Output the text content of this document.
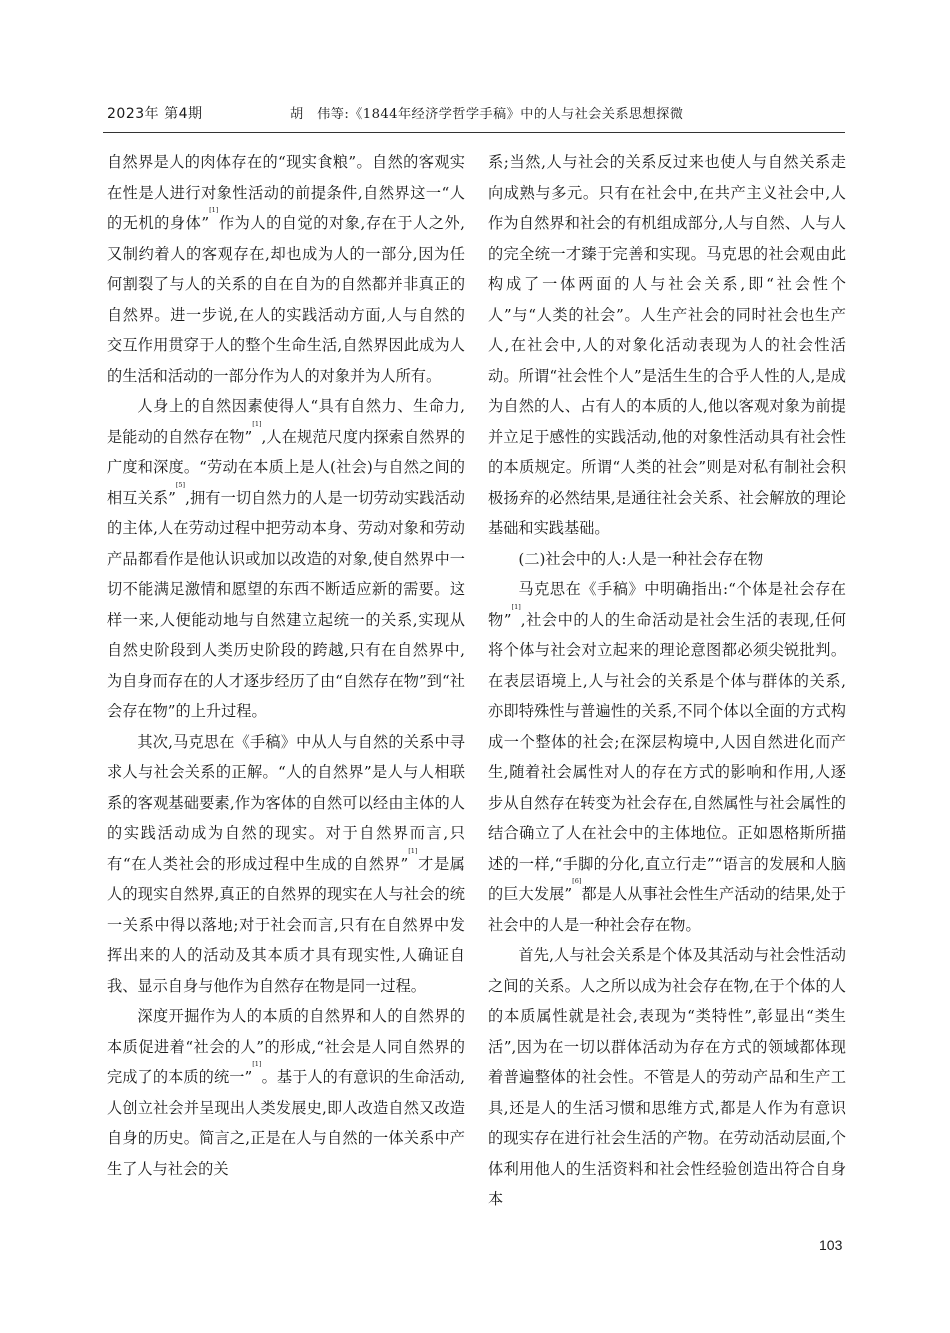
2023年 第4期	胡　伟等:《1844年经济学哲学手稿》中的人与社会关系思想探微

自然界是人的肉体存在的“现实食粮”。自然的客观实在性是人进行对象性活动的前提条件,自然界这一“人的无机的身体”[1]作为人的自觉的对象,存在于人之外,又制约着人的客观存在,却也成为人的一部分,因为任何割裂了与人的关系的自在自为的自然都并非真正的自然界。进一步说,在人的实践活动方面,人与自然的交互作用贯穿于人的整个生命生活,自然界因此成为人的生活和活动的一部分作为人的对象并为人所有。

人身上的自然因素使得人“具有自然力、生命力,是能动的自然存在物”[1],人在规范尺度内探索自然界的广度和深度。“劳动在本质上是人(社会)与自然之间的相互关系”[5],拥有一切自然力的人是一切劳动实践活动的主体,人在劳动过程中把劳动本身、劳动对象和劳动产品都看作是他认识或加以改造的对象,使自然界中一切不能满足激情和愿望的东西不断适应新的需要。这样一来,人便能动地与自然建立起统一的关系,实现从自然史阶段到人类历史阶段的跨越,只有在自然界中,为自身而存在的人才逐步经历了由“自然存在物”到“社会存在物”的上升过程。

其次,马克思在《手稿》中从人与自然的关系中寻求人与社会关系的正解。“人的自然界”是人与人相联系的客观基础要素,作为客体的自然可以经由主体的人的实践活动成为自然的现实。对于自然界而言,只有“在人类社会的形成过程中生成的自然界”[1]才是属人的现实自然界,真正的自然界的现实在人与社会的统一关系中得以落地;对于社会而言,只有在自然界中发挥出来的人的活动及其本质才具有现实性,人确证自我、显示自身与他作为自然存在物是同一过程。

深度开掘作为人的本质的自然界和人的自然界的本质促进着“社会的人”的形成,“社会是人同自然界的完成了的本质的统一”[1]。基于人的有意识的生命活动,人创立社会并呈现出人类发展史,即人改造自然又改造自身的历史。简言之,正是在人与自然的一体关系中产生了人与社会的关

系;当然,人与社会的关系反过来也使人与自然关系走向成熟与多元。只有在社会中,在共产主义社会中,人作为自然界和社会的有机组成部分,人与自然、人与人的完全统一才臻于完善和实现。马克思的社会观由此构成了一体两面的人与社会关系,即“社会性个人”与“人类的社会”。人生产社会的同时社会也生产人,在社会中,人的对象化活动表现为人的社会性活动。所谓“社会性个人”是活生生的合乎人性的人,是成为自然的人、占有人的本质的人,他以客观对象为前提并立足于感性的实践活动,他的对象性活动具有社会性的本质规定。所谓“人类的社会”则是对私有制社会积极扬弃的必然结果,是通往社会关系、社会解放的理论基础和实践基础。

(二)社会中的人:人是一种社会存在物

马克思在《手稿》中明确指出:“个体是社会存在物”[1],社会中的人的生命活动是社会生活的表现,任何将个体与社会对立起来的理论意图都必须尖锐批判。在表层语境上,人与社会的关系是个体与群体的关系,亦即特殊性与普遍性的关系,不同个体以全面的方式构成一个整体的社会;在深层构境中,人因自然进化而产生,随着社会属性对人的存在方式的影响和作用,人逐步从自然存在转变为社会存在,自然属性与社会属性的结合确立了人在社会中的主体地位。正如恩格斯所描述的一样,“手脚的分化,直立行走”“语言的发展和人脑的巨大发展”[6]都是人从事社会性生产活动的结果,处于社会中的人是一种社会存在物。

首先,人与社会关系是个体及其活动与社会性活动之间的关系。人之所以成为社会存在物,在于个体的人的本质属性就是社会,表现为“类特性”,彰显出“类生活”,因为在一切以群体活动为存在方式的领域都体现着普遍整体的社会性。不管是人的劳动产品和生产工具,还是人的生活习惯和思维方式,都是人作为有意识的现实存在进行社会生活的产物。在劳动活动层面,个体利用他人的生活资料和社会性经验创造出符合自身本

103
